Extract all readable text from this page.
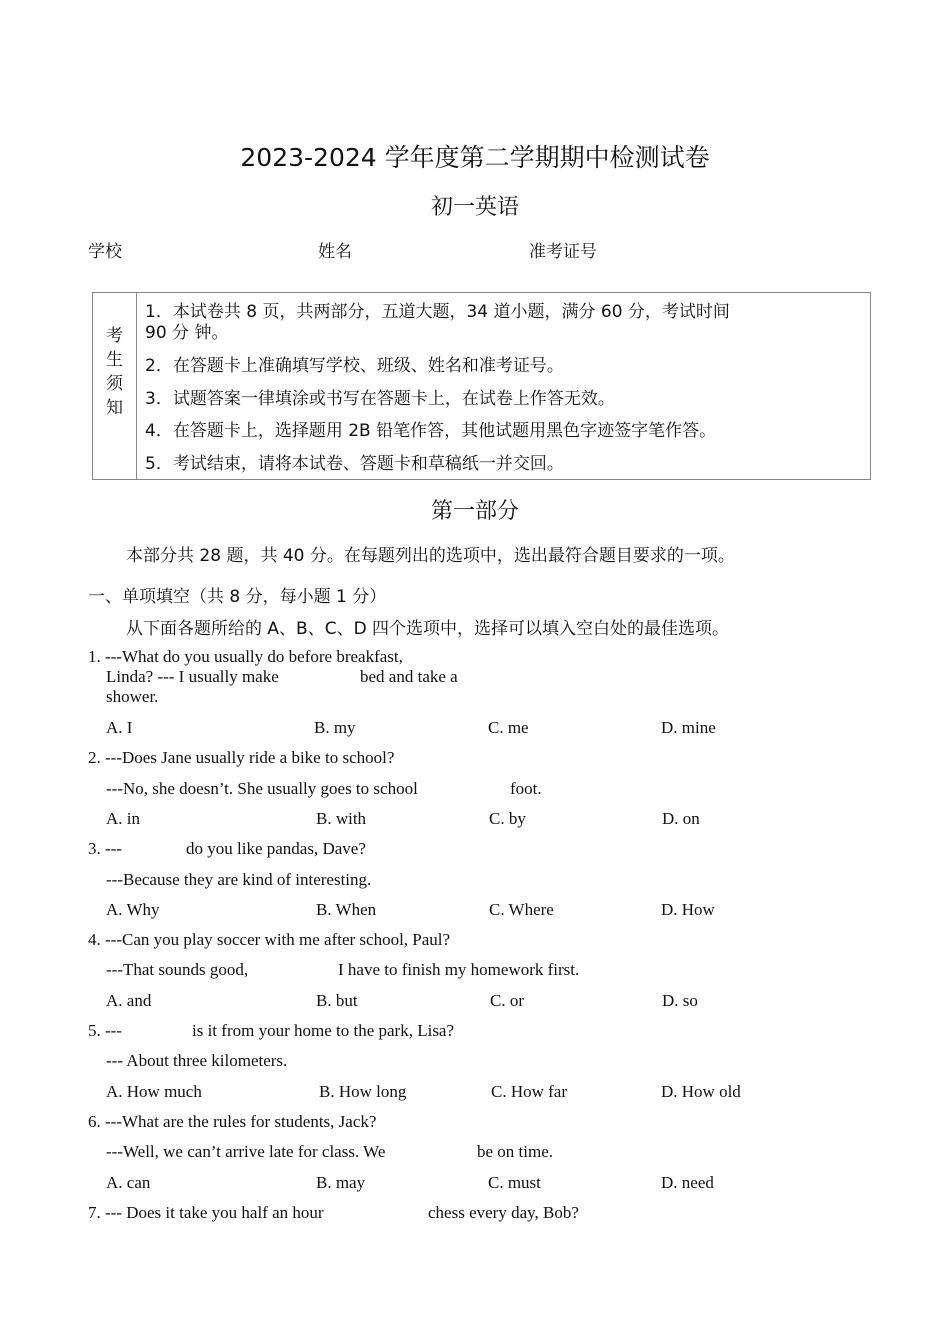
2023-2024 学年度第二学期期中检测试卷
初一英语
学校	姓名	准考证号
考
生
须
知
1．本试卷共 8 页，共两部分，五道大题，34 道小题，满分 60 分，考试时间
90 分 钟。
2．在答题卡上准确填写学校、班级、姓名和准考证号。
3．试题答案一律填涂或书写在答题卡上，在试卷上作答无效。
4．在答题卡上，选择题用 2B 铅笔作答，其他试题用黑色字迹签字笔作答。
5．考试结束，请将本试卷、答题卡和草稿纸一并交回。
第一部分
本部分共 28 题，共 40 分。在每题列出的选项中，选出最符合题目要求的一项。
一、单项填空（共 8 分，每小题 1 分）
从下面各题所给的 A、B、C、D 四个选项中，选择可以填入空白处的最佳选项。
1. ---What do you usually do before breakfast,
Linda? --- I usually make	bed and take a
shower.
A. I	B. my	C. me	D. mine
2. ---Does Jane usually ride a bike to school?
---No, she doesn’t. She usually goes to school	foot.
A. in	B. with	C. by	D. on
3. ---	do you like pandas, Dave?
---Because they are kind of interesting.
A. Why	B. When	C. Where	D. How
4. ---Can you play soccer with me after school, Paul?
---That sounds good,	I have to finish my homework first.
A. and	B. but	C. or	D. so
5. ---	is it from your home to the park, Lisa?
--- About three kilometers.
A. How much	B. How long	C. How far	D. How old
6. ---What are the rules for students, Jack?
---Well, we can’t arrive late for class. We	be on time.
A. can	B. may	C. must	D. need
7. --- Does it take you half an hour	chess every day, Bob?
